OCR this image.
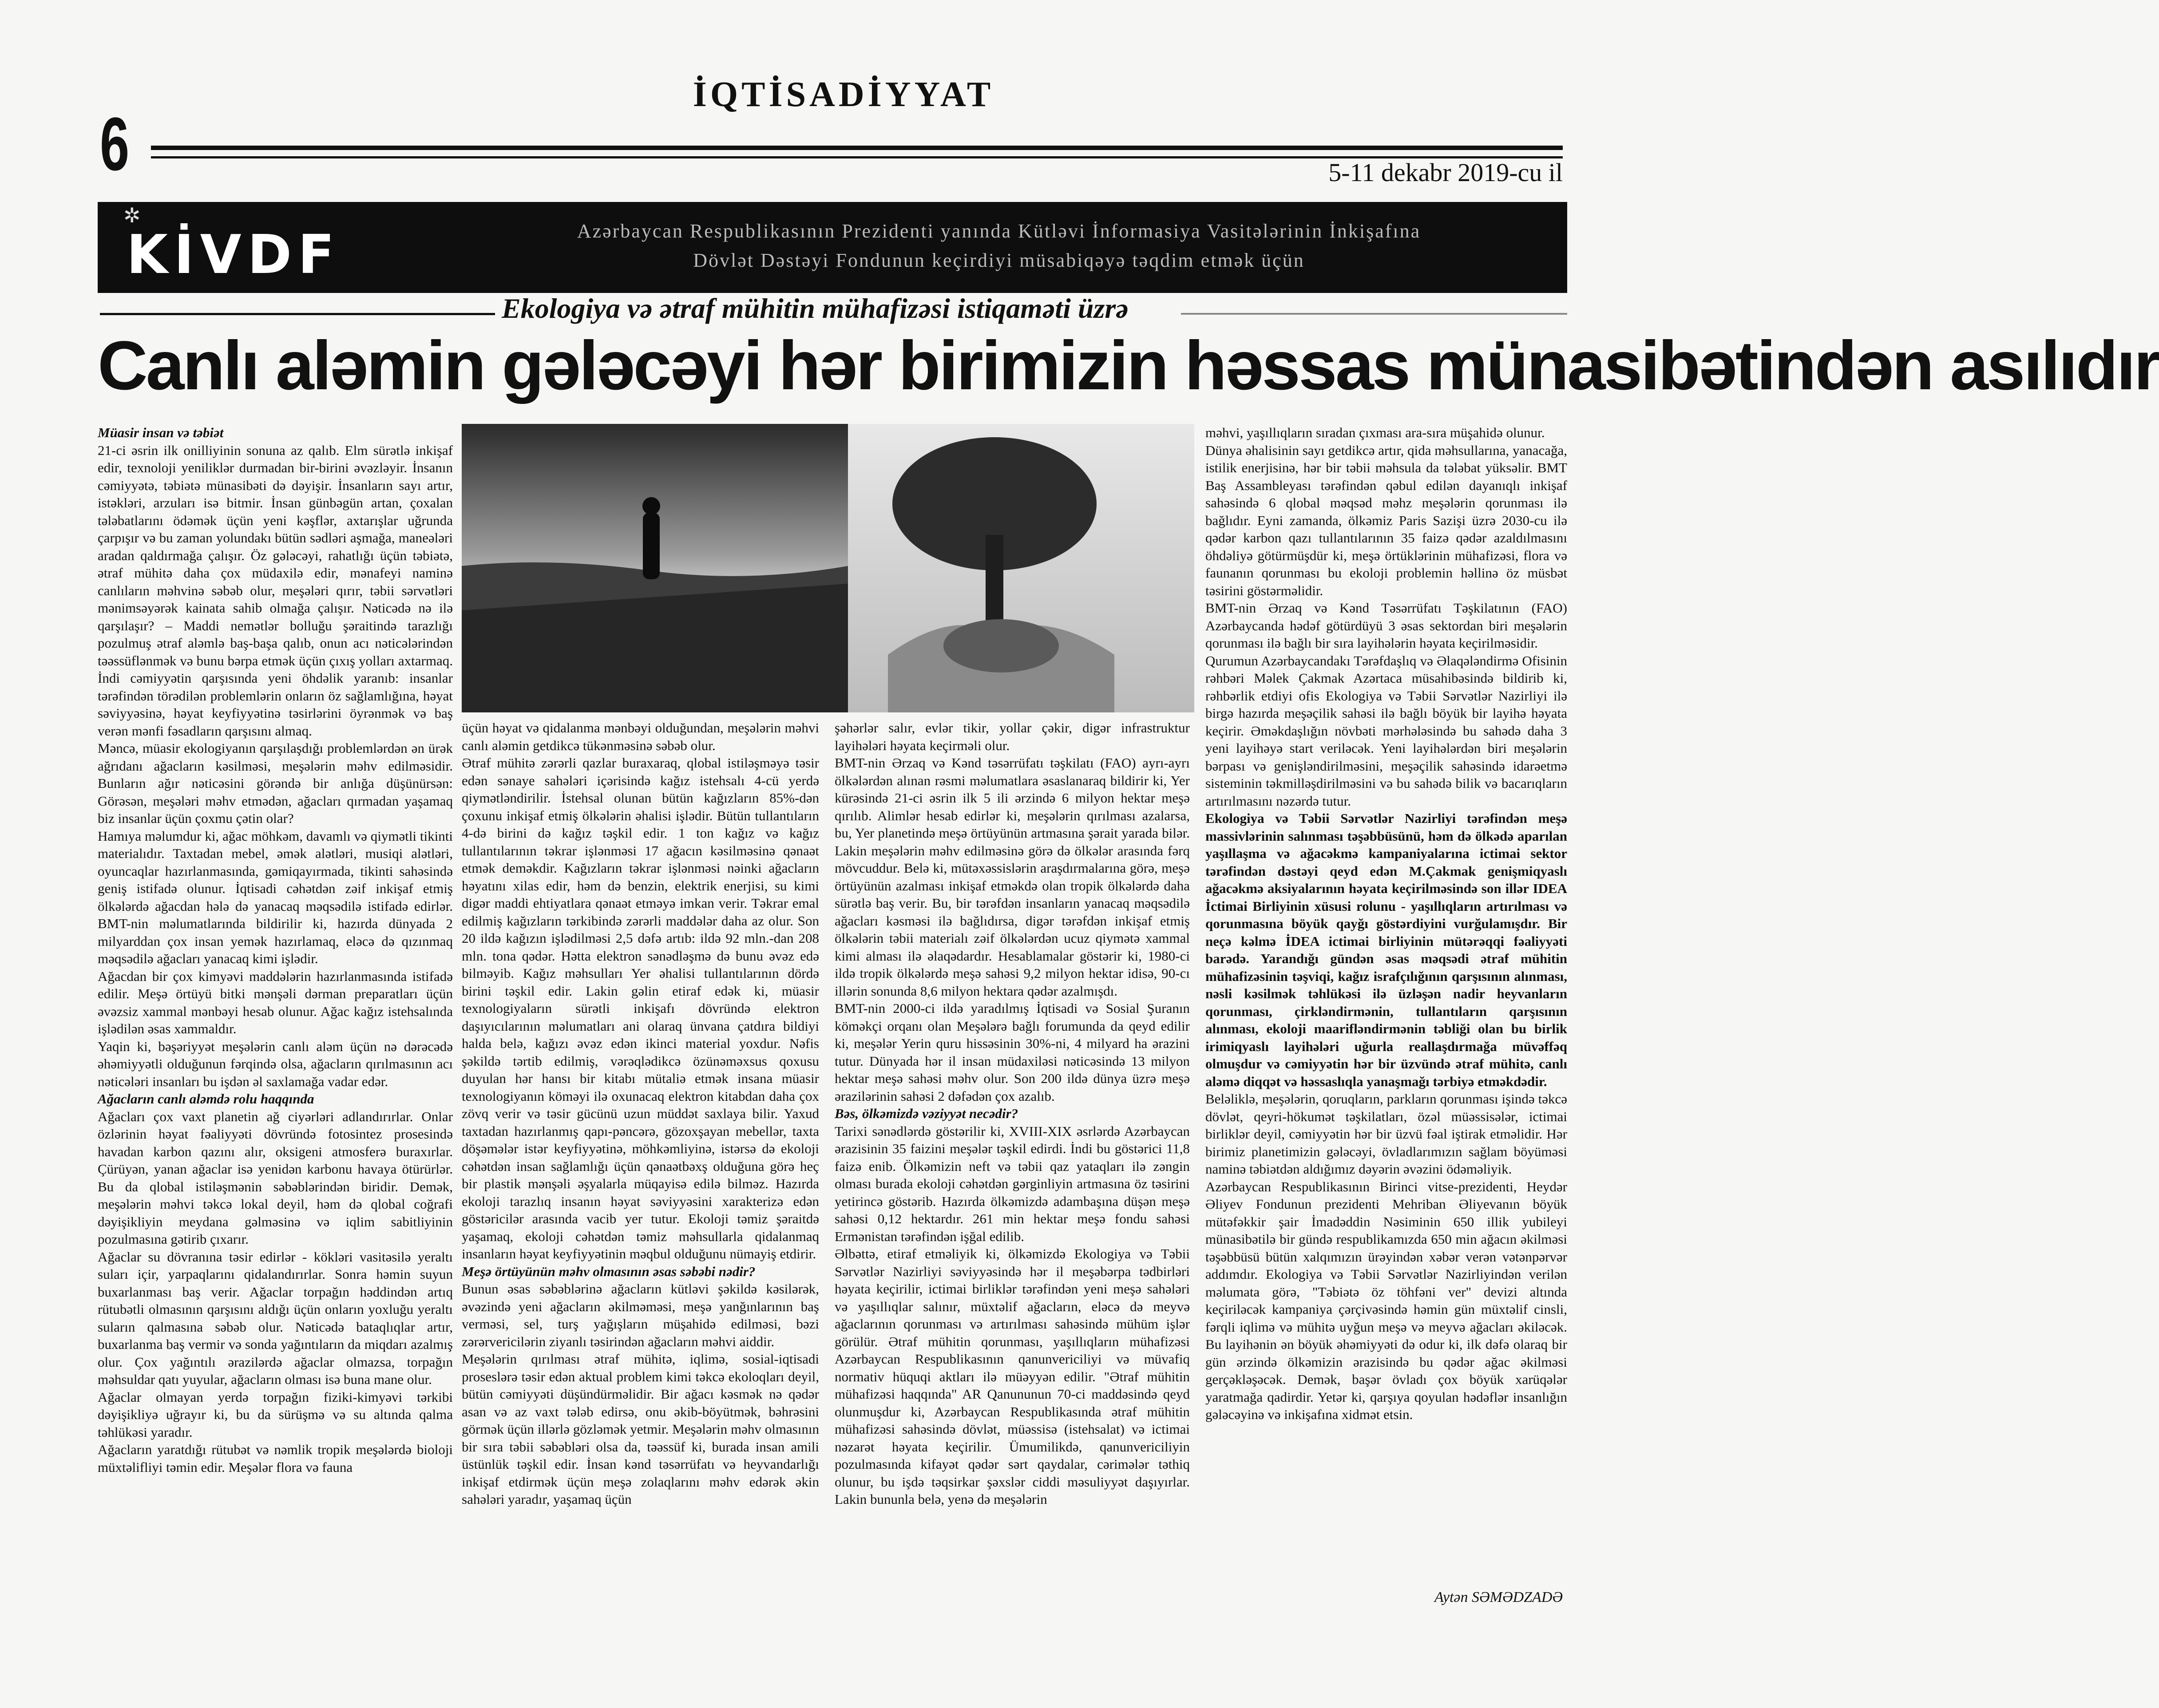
İQTİSADİYYAT
6	5-11 dekabr 2019-cu il
✲
KİVDF	Azərbaycan Respublikasının Prezidenti yanında Kütləvi İnformasiya Vasitələrinin İnkişafına
Dövlət Dəstəyi Fondunun keçirdiyi müsabiqəyə təqdim etmək üçün
Ekologiya və ətraf mühitin mühafizəsi istiqaməti üzrə
Canlı aləmin gələcəyi hər birimizin həssas münasibətindən asılıdır

Müasir insan və təbiət

21-ci əsrin ilk onilliyinin sonuna az qalıb. Elm sürətlə inkişaf edir, texnoloji yeniliklər durmadan bir-birini əvəzləyir. İnsanın cəmiyyətə, təbiətə münasibəti də dəyişir. İnsanların sayı artır, istəkləri, arzuları isə bitmir. İnsan günbəgün artan, çoxalan tələbatlarını ödəmək üçün yeni kəşflər, axtarışlar uğrunda çarpışır və bu zaman yolundakı bütün sədləri aşmağa, maneələri aradan qaldırmağa çalışır. Öz gələcəyi, rahatlığı üçün təbiətə, ətraf mühitə daha çox müdaxilə edir, mənafeyi naminə canlıların məhvinə səbəb olur, meşələri qırır, təbii sərvətləri mənimsəyərək kainata sahib olmağa çalışır. Nəticədə nə ilə qarşılaşır? – Maddi nemətlər bolluğu şəraitində tarazlığı pozulmuş ətraf aləmlə baş-başa qalıb, onun acı nəticələrindən təəssüflənmək və bunu bərpa etmək üçün çıxış yolları axtarmaq. İndi cəmiyyətin qarşısında yeni öhdəlik yaranıb: insanlar tərəfindən törədilən problemlərin onların öz sağlamlığına, həyat səviyyəsinə, həyat keyfiyyətinə təsirlərini öyrənmək və baş verən mənfi fəsadların qarşısını almaq.

Məncə, müasir ekologiyanın qarşılaşdığı problemlərdən ən ürək ağrıdanı ağacların kəsilməsi, meşələrin məhv edilməsidir. Bunların ağır nəticəsini görəndə bir anlığa düşünürsən: Görəsən, meşələri məhv etmədən, ağacları qırmadan yaşamaq biz insanlar üçün çoxmu çətin olar?

Hamıya məlumdur ki, ağac möhkəm, davamlı və qiymətli tikinti materialıdır. Taxtadan mebel, əmək alətləri, musiqi alətləri, oyuncaqlar hazırlanmasında, gəmiqayırmada, tikinti sahəsində geniş istifadə olunur. İqtisadi cəhətdən zəif inkişaf etmiş ölkələrdə ağacdan hələ də yanacaq məqsədilə istifadə edirlər. BMT-nin məlumatlarında bildirilir ki, hazırda dünyada 2 milyarddan çox insan yemək hazırlamaq, eləcə də qızınmaq məqsədilə ağacları yanacaq kimi işlədir.

Ağacdan bir çox kimyəvi maddələrin hazırlanmasında istifadə edilir. Meşə örtüyü bitki mənşəli dərman preparatları üçün əvəzsiz xammal mənbəyi hesab olunur. Ağac kağız istehsalında işlədilən əsas xammaldır.

Yaqin ki, bəşəriyyət meşələrin canlı aləm üçün nə dərəcədə əhəmiyyətli olduğunun fərqində olsa, ağacların qırılmasının acı nəticələri insanları bu işdən əl saxlamağa vadar edər.

Ağacların canlı aləmdə rolu haqqında

Ağacları çox vaxt planetin ağ ciyərləri adlandırırlar. Onlar özlərinin həyat fəaliyyəti dövründə fotosintez prosesində havadan karbon qazını alır, oksigeni atmosferə buraxırlar. Çürüyən, yanan ağaclar isə yenidən karbonu havaya ötürürlər. Bu da qlobal istiləşmənin səbəblərindən biridir. Demək, meşələrin məhvi təkcə lokal deyil, həm də qlobal coğrafi dəyişikliyin meydana gəlməsinə və iqlim sabitliyinin pozulmasına gətirib çıxarır.

Ağaclar su dövranına təsir edirlər - kökləri vasitəsilə yeraltı suları içir, yarpaqlarını qidalandırırlar. Sonra həmin suyun buxarlanması baş verir. Ağaclar torpağın həddindən artıq rütubətli olmasının qarşısını aldığı üçün onların yoxluğu yeraltı suların qalmasına səbəb olur. Nəticədə bataqlıqlar artır, buxarlanma baş vermir və sonda yağıntıların da miqdarı azalmış olur. Çox yağıntılı ərazilərdə ağaclar olmazsa, torpağın məhsuldar qatı yuyular, ağacların olması isə buna mane olur.

Ağaclar olmayan yerdə torpağın fiziki-kimyəvi tərkibi dəyişikliyə uğrayır ki, bu da sürüşmə və su altında qalma təhlükəsi yaradır.

Ağacların yaratdığı rütubət və nəmlik tropik meşələrdə bioloji müxtəlifliyi təmin edir. Meşələr flora və fauna

üçün həyat və qidalanma mənbəyi olduğundan, meşələrin məhvi canlı aləmin getdikcə tükənməsinə səbəb olur.

Ətraf mühitə zərərli qazlar buraxaraq, qlobal istiləşməyə təsir edən sənaye sahələri içərisində kağız istehsalı 4-cü yerdə qiymətləndirilir. İstehsal olunan bütün kağızların 85%-dən çoxunu inkişaf etmiş ölkələrin əhalisi işlədir. Bütün tullantıların 4-də birini də kağız təşkil edir. 1 ton kağız və kağız tullantılarının təkrar işlənməsi 17 ağacın kəsilməsinə qənaət etmək deməkdir. Kağızların təkrar işlənməsi nəinki ağacların həyatını xilas edir, həm də benzin, elektrik enerjisi, su kimi digər maddi ehtiyatlara qənaət etməyə imkan verir. Təkrar emal edilmiş kağızların tərkibində zərərli maddələr daha az olur. Son 20 ildə kağızın işlədilməsi 2,5 dəfə artıb: ildə 92 mln.-dan 208 mln. tona qədər. Hətta elektron sənədləşmə də bunu əvəz edə bilməyib. Kağız məhsulları Yer əhalisi tullantılarının dördə birini təşkil edir. Lakin gəlin etiraf edək ki, müasir texnologiyaların sürətli inkişafı dövründə elektron daşıyıcılarının məlumatları ani olaraq ünvana çatdıra bildiyi halda belə, kağızı əvəz edən ikinci material yoxdur. Nəfis şəkildə tərtib edilmiş, vərəqlədikcə özünəməxsus qoxusu duyulan hər hansı bir kitabı mütaliə etmək insana müasir texnologiyanın köməyi ilə oxunacaq elektron kitabdan daha çox zövq verir və təsir gücünü uzun müddət saxlaya bilir. Yaxud taxtadan hazırlanmış qapı-pəncərə, gözoxşayan mebellər, taxta döşəmələr istər keyfiyyətinə, möhkəmliyinə, istərsə də ekoloji cəhətdən insan sağlamlığı üçün qənaətbəxş olduğuna görə heç bir plastik mənşəli əşyalarla müqayisə edilə bilməz. Hazırda ekoloji tarazlıq insanın həyat səviyyəsini xarakterizə edən göstəricilər arasında vacib yer tutur. Ekoloji təmiz şəraitdə yaşamaq, ekoloji cəhətdən təmiz məhsullarla qidalanmaq insanların həyat keyfiyyətinin məqbul olduğunu nümayiş etdirir.

Meşə örtüyünün məhv olmasının əsas səbəbi nədir?

Bunun əsas səbəblərinə ağacların kütləvi şəkildə kəsilərək, əvəzində yeni ağacların əkilməməsi, meşə yanğınlarının baş verməsi, sel, turş yağışların müşahidə edilməsi, bəzi zərərvericilərin ziyanlı təsirindən ağacların məhvi aiddir.

Meşələrin qırılması ətraf mühitə, iqlimə, sosial-iqtisadi proseslərə təsir edən aktual problem kimi təkcə ekoloqları deyil, bütün cəmiyyəti düşündürməlidir. Bir ağacı kəsmək nə qədər asan və az vaxt tələb edirsə, onu əkib-böyütmək, bəhrəsini görmək üçün illərlə gözləmək yetmir. Meşələrin məhv olmasının bir sıra təbii səbəbləri olsa da, təəssüf ki, burada insan amili üstünlük təşkil edir. İnsan kənd təsərrüfatı və heyvandarlığı inkişaf etdirmək üçün meşə zolaqlarını məhv edərək əkin sahələri yaradır, yaşamaq üçün

şəhərlər salır, evlər tikir, yollar çəkir, digər infrastruktur layihələri həyata keçirməli olur.

BMT-nin Ərzaq və Kənd təsərrüfatı təşkilatı (FAO) ayrı-ayrı ölkələrdən alınan rəsmi məlumatlara əsaslanaraq bildirir ki, Yer kürəsində 21-ci əsrin ilk 5 ili ərzində 6 milyon hektar meşə qırılıb. Alimlər hesab edirlər ki, meşələrin qırılması azalarsa, bu, Yer planetində meşə örtüyünün artmasına şərait yarada bilər. Lakin meşələrin məhv edilməsinə görə də ölkələr arasında fərq mövcuddur. Belə ki, mütəxəssislərin araşdırmalarına görə, meşə örtüyünün azalması inkişaf etməkdə olan tropik ölkələrdə daha sürətlə baş verir. Bu, bir tərəfdən insanların yanacaq məqsədilə ağacları kəsməsi ilə bağlıdırsa, digər tərəfdən inkişaf etmiş ölkələrin təbii materialı zəif ölkələrdən ucuz qiymətə xammal kimi alması ilə əlaqədardır. Hesablamalar göstərir ki, 1980-ci ildə tropik ölkələrdə meşə sahəsi 9,2 milyon hektar idisə, 90-cı illərin sonunda 8,6 milyon hektara qədər azalmışdı.

BMT-nin 2000-ci ildə yaradılmış İqtisadi və Sosial Şuranın köməkçi orqanı olan Meşələrə bağlı forumunda da qeyd edilir ki, meşələr Yerin quru hissəsinin 30%-ni, 4 milyard ha ərazini tutur. Dünyada hər il insan müdaxiləsi nəticəsində 13 milyon hektar meşə sahəsi məhv olur. Son 200 ildə dünya üzrə meşə ərazilərinin sahəsi 2 dəfədən çox azalıb.

Bəs, ölkəmizdə vəziyyət necədir?

Tarixi sənədlərdə göstərilir ki, XVIII-XIX əsrlərdə Azərbaycan ərazisinin 35 faizini meşələr təşkil edirdi. İndi bu göstərici 11,8 faizə enib. Ölkəmizin neft və təbii qaz yataqları ilə zəngin olması burada ekoloji cəhətdən gərginliyin artmasına öz təsirini yetirincə göstərib. Hazırda ölkəmizdə adambaşına düşən meşə sahəsi 0,12 hektardır. 261 min hektar meşə fondu sahəsi Ermənistan tərəfindən işğal edilib.

Əlbəttə, etiraf etməliyik ki, ölkəmizdə Ekologiya və Təbii Sərvətlər Nazirliyi səviyyəsində hər il meşəbərpa tədbirləri həyata keçirilir, ictimai birliklər tərəfindən yeni meşə sahələri və yaşıllıqlar salınır, müxtəlif ağacların, eləcə də meyvə ağaclarının qorunması və artırılması sahəsində mühüm işlər görülür. Ətraf mühitin qorunması, yaşıllıqların mühafizəsi Azərbaycan Respublikasının qanunvericiliyi və müvafiq normativ hüquqi aktları ilə müəyyən edilir. "Ətraf mühitin mühafizəsi haqqında" AR Qanununun 70-ci maddəsində qeyd olunmuşdur ki, Azərbaycan Respublikasında ətraf mühitin mühafizəsi sahəsində dövlət, müəssisə (istehsalat) və ictimai nəzarət həyata keçirilir. Ümumilikdə, qanunvericiliyin pozulmasında kifayət qədər sərt qaydalar, cərimələr təthiq olunur, bu işdə təqsirkar şəxslər ciddi məsuliyyət daşıyırlar. Lakin bununla belə, yenə də meşələrin

məhvi, yaşıllıqların sıradan çıxması ara-sıra müşahidə olunur.

Dünya əhalisinin sayı getdikcə artır, qida məhsullarına, yanacağa, istilik enerjisinə, hər bir təbii məhsula da tələbat yüksəlir. BMT Baş Assambleyası tərəfindən qəbul edilən dayanıqlı inkişaf sahəsində 6 qlobal məqsəd məhz meşələrin qorunması ilə bağlıdır. Eyni zamanda, ölkəmiz Paris Sazişi üzrə 2030-cu ilə qədər karbon qazı tullantılarının 35 faizə qədər azaldılmasını öhdəliyə götürmüşdür ki, meşə örtüklərinin mühafizəsi, flora və faunanın qorunması bu ekoloji problemin həllinə öz müsbət təsirini göstərməlidir.

BMT-nin Ərzaq və Kənd Təsərrüfatı Təşkilatının (FAO) Azərbaycanda hədəf götürdüyü 3 əsas sektordan biri meşələrin qorunması ilə bağlı bir sıra layihələrin həyata keçirilməsidir.

Qurumun Azərbaycandakı Tərəfdaşlıq və Əlaqələndirmə Ofisinin rəhbəri Məlek Çakmak Azərtaca müsahibəsində bildirib ki, rəhbərlik etdiyi ofis Ekologiya və Təbii Sərvətlər Nazirliyi ilə birgə hazırda meşəçilik sahəsi ilə bağlı böyük bir layihə həyata keçirir. Əməkdaşlığın növbəti mərhələsində bu sahədə daha 3 yeni layihəyə start veriləcək. Yeni layihələrdən biri meşələrin bərpası və genişləndirilməsini, meşəçilik sahəsində idarəetmə sisteminin təkmilləşdirilməsini və bu sahədə bilik və bacarıqların artırılmasını nəzərdə tutur.

Ekologiya və Təbii Sərvətlər Nazirliyi tərəfindən meşə massivlərinin salınması təşəbbüsünü, həm də ölkədə aparılan yaşıllaşma və ağacəkmə kampaniyalarına ictimai sektor tərəfindən dəstəyi qeyd edən M.Çakmak genişmiqyaslı ağacəkmə aksiyalarının həyata keçirilməsində son illər IDEA İctimai Birliyinin xüsusi rolunu - yaşıllıqların artırılması və qorunmasına böyük qayğı göstərdiyini vurğulamışdır. Bir neçə kəlmə İDEA ictimai birliyinin mütərəqqi fəaliyyəti barədə. Yarandığı gündən əsas məqsədi ətraf mühitin mühafizəsinin təşviqi, kağız israfçılığının qarşısının alınması, nəsli kəsilmək təhlükəsi ilə üzləşən nadir heyvanların qorunması, çirkləndirmənin, tullantıların qarşısının alınması, ekoloji maarifləndirmənin təbliği olan bu birlik irimiqyaslı layihələri uğurla reallaşdırmağa müvəffəq olmuşdur və cəmiyyətin hər bir üzvündə ətraf mühitə, canlı aləmə diqqət və həssaslıqla yanaşmağı tərbiyə etməkdədir.

Beləliklə, meşələrin, qoruqların, parkların qorunması işində təkcə dövlət, qeyri-hökumət təşkilatları, özəl müəssisələr, ictimai birliklər deyil, cəmiyyətin hər bir üzvü fəal iştirak etməlidir. Hər birimiz planetimizin gələcəyi, övladlarımızın sağlam böyüməsi naminə təbiətdən aldığımız dəyərin əvəzini ödəməliyik.

Azərbaycan Respublikasının Birinci vitse-prezidenti, Heydər Əliyev Fondunun prezidenti Mehriban Əliyevanın böyük mütəfəkkir şair İmadəddin Nəsiminin 650 illik yubileyi münasibətilə bir gündə respublikamızda 650 min ağacın əkilməsi təşəbbüsü bütün xalqımızın ürəyindən xəbər verən vətənpərvər addımdır. Ekologiya və Təbii Sərvətlər Nazirliyindən verilən məlumata görə, "Təbiətə öz töhfəni ver" devizi altında keçiriləcək kampaniya çərçivəsində həmin gün müxtəlif cinsli, fərqli iqlimə və mühitə uyğun meşə və meyvə ağacları əkiləcək. Bu layihənin ən böyük əhəmiyyəti də odur ki, ilk dəfə olaraq bir gün ərzində ölkəmizin ərazisində bu qədər ağac əkilməsi gerçəkləşəcək. Demək, başər övladı çox böyük xarüqələr yaratmağa qadirdir. Yetər ki, qarşıya qoyulan hədəflər insanlığın gələcəyinə və inkişafına xidmət etsin.

Aytən SƏMƏDZADƏ
